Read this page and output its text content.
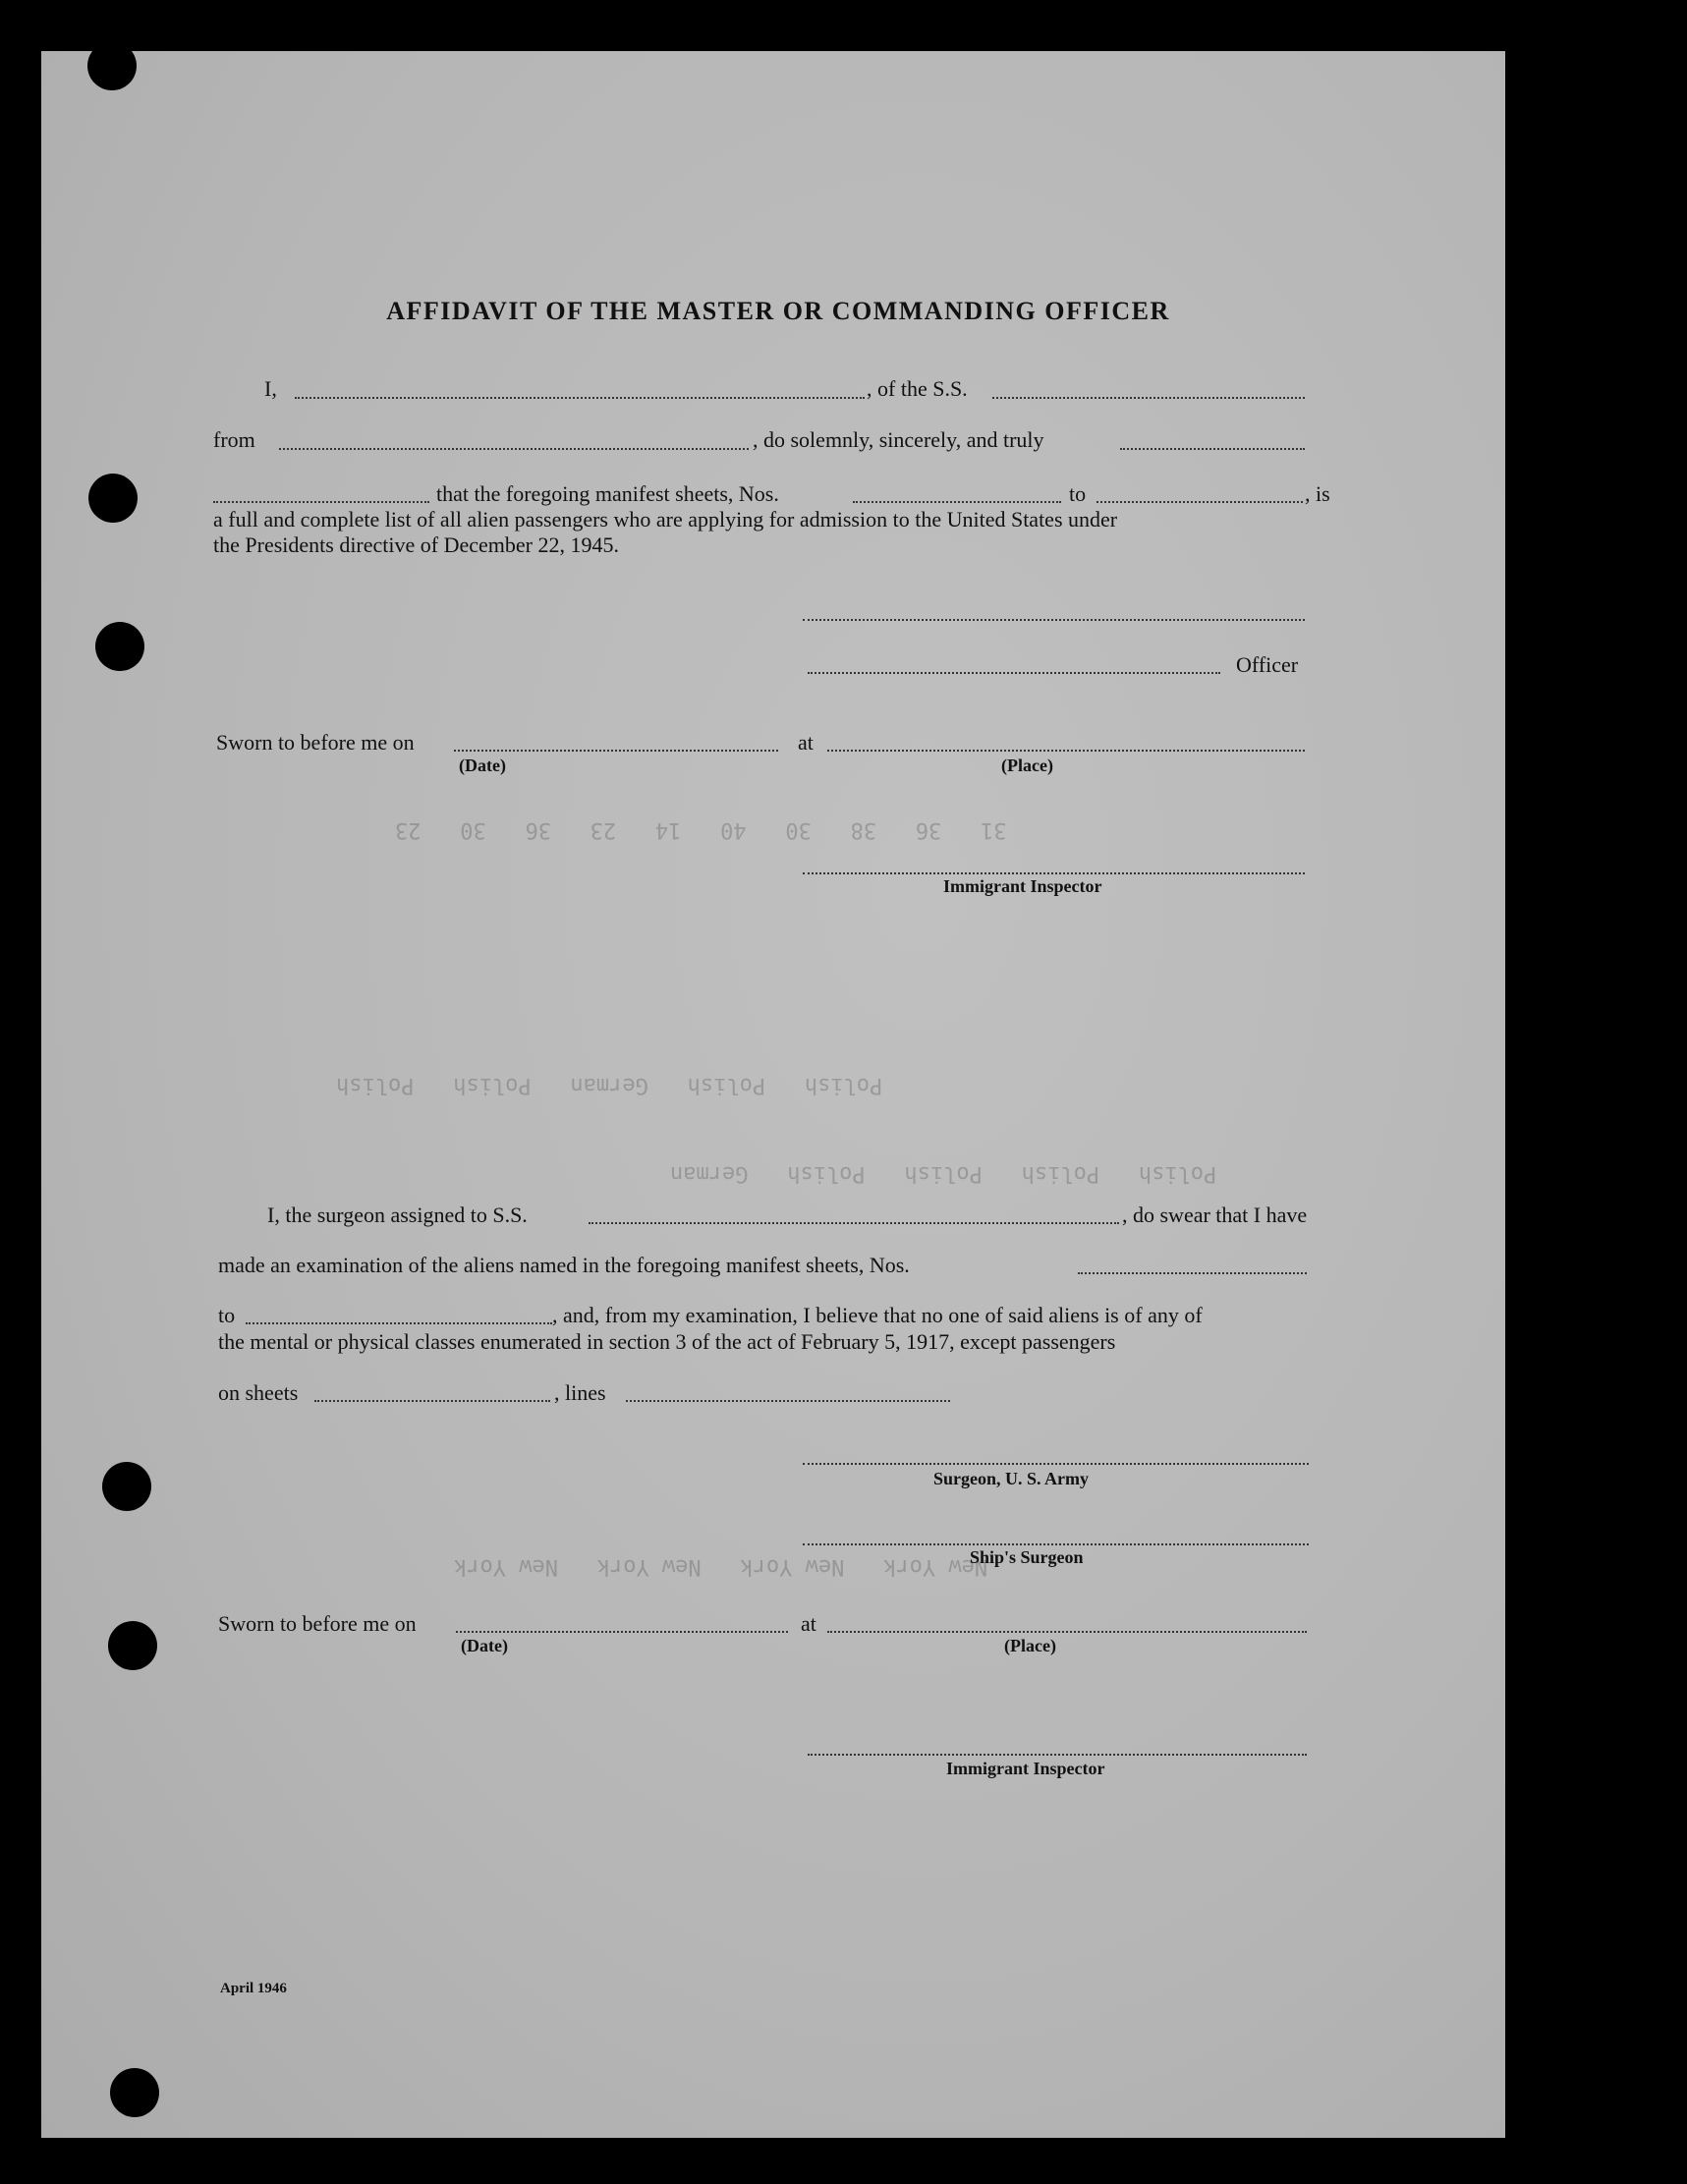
Polish   Polish   German   Polish   Polish
Polish   Polish   Polish   Polish   German
31   36   38   30   40   14   23   36   30   23
New York   New York   New York   New York
AFFIDAVIT OF THE MASTER OR COMMANDING OFFICER
I,	, of the S.S.
from	, do solemnly, sincerely, and truly
that the foregoing manifest sheets, Nos.	to	, is
a full and complete list of all alien passengers who are applying for admission to the United States under
the Presidents directive of December 22, 1945.
Officer
Sworn to before me on	at
(Date)	(Place)
Immigrant Inspector
I, the surgeon assigned to S.S.	, do swear that I have
made an examination of the aliens named in the foregoing manifest sheets, Nos.
to	, and, from my examination, I believe that no one of said aliens is of any of
the mental or physical classes enumerated in section 3 of the act of February 5, 1917, except passengers
on sheets	, lines
Surgeon, U. S. Army
Ship's Surgeon
Sworn to before me on	at
(Date)	(Place)
Immigrant Inspector
April 1946
